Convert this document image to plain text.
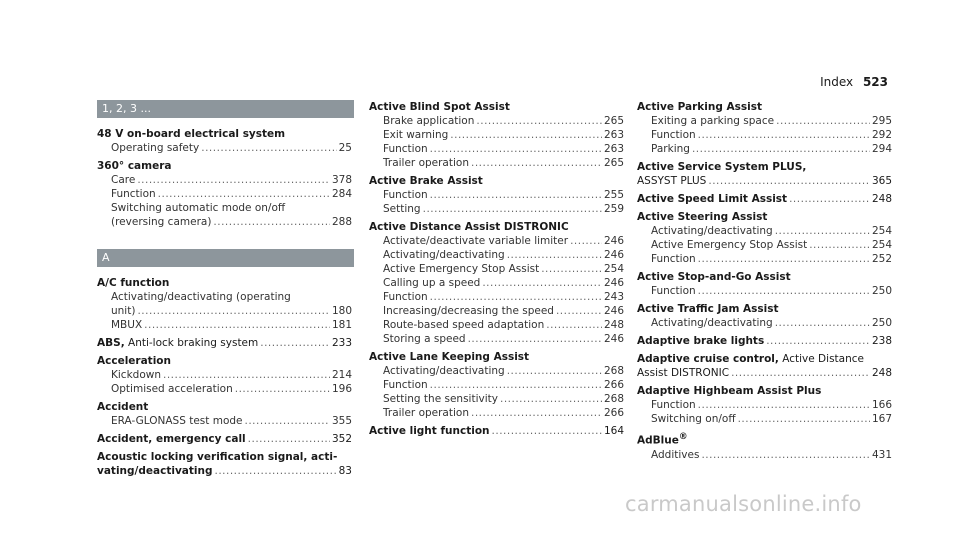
Index 523
1, 2, 3 ...
48 V on-board electrical system
Operating safety .....	25
360° camera
Care .....	378
Function .....	284
Switching automatic mode on/off
(reversing camera) .....	288
A
A/C function
Activating/deactivating (operating
unit) .....	180
MBUX .....	181
ABS, Anti-lock braking system .....	233
Acceleration
Kickdown .....	214
Optimised acceleration .....	196
Accident
ERA-GLONASS test mode .....	355
Accident, emergency call .....	352
Acoustic locking verification signal, acti-
vating/deactivating .....	83
Active Blind Spot Assist
Brake application .....	265
Exit warning .....	263
Function .....	263
Trailer operation .....	265
Active Brake Assist
Function .....	255
Setting .....	259
Active Distance Assist DISTRONIC
Activate/deactivate variable limiter .....	246
Activating/deactivating .....	246
Active Emergency Stop Assist .....	254
Calling up a speed .....	246
Function .....	243
Increasing/decreasing the speed .....	246
Route-based speed adaptation .....	248
Storing a speed .....	246
Active Lane Keeping Assist
Activating/deactivating .....	268
Function .....	266
Setting the sensitivity .....	268
Trailer operation .....	266
Active light function .....	164
Active Parking Assist
Exiting a parking space .....	295
Function .....	292
Parking .....	294
Active Service System PLUS,
ASSYST PLUS .....	365
Active Speed Limit Assist .....	248
Active Steering Assist
Activating/deactivating .....	254
Active Emergency Stop Assist .....	254
Function .....	252
Active Stop-and-Go Assist
Function .....	250
Active Traffic Jam Assist
Activating/deactivating .....	250
Adaptive brake lights .....	238
Adaptive cruise control, Active Distance
Assist DISTRONIC .....	248
Adaptive Highbeam Assist Plus
Function .....	166
Switching on/off .....	167
AdBlue®
Additives .....	431
carmanualsonline.info
